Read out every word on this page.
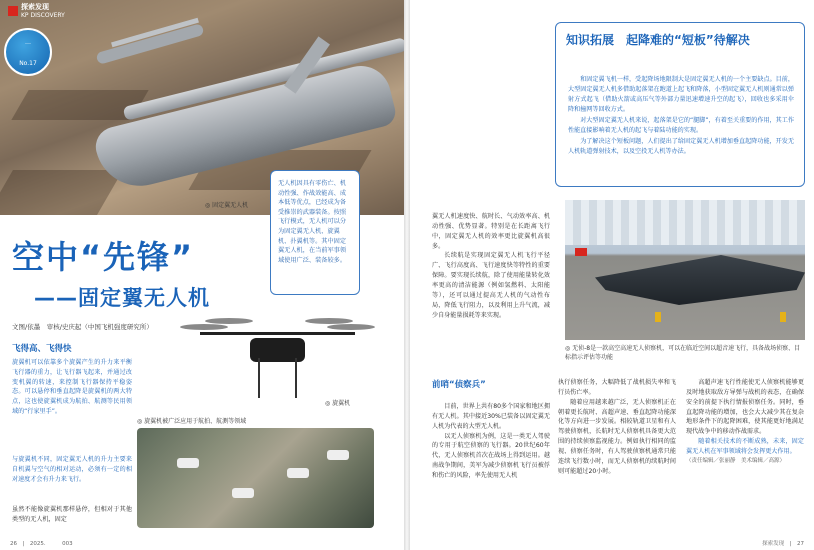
探索发现
KP DISCOVERY
…
No.17
◎ 固定翼无人机
无人机因具有零伤亡、机动性强、作战效能高、成本低等优点，已经成为备受推崇的武器装备。按照飞行模式，无人机可以分为固定翼无人机、旋翼机、扑翼机等。其中固定翼无人机，在当前军事领域使用广泛、装备较多。
空中“先锋”
——固定翼无人机
文图/依墨　审核/史庆起（中国飞机强度研究所）
飞得高、飞得快
旋翼机可以依靠多个旋翼产生的升力来平衡飞行器的重力，让飞行器飞起来，并通过改变机翼的转速，来控制飞行器保持平稳姿态。可以悬停和垂直起降是旋翼机的两大特点，这也使旋翼机成为航拍、航测等民用领域的“行家里手”。
与旋翼机不同，固定翼无人机的升力主要来自机翼与空气的相对运动，必须有一定的相对速度才会有升力来飞行。
虽然不能像旋翼机那样悬停，但相对于其他类型的无人机，固定
◎ 旋翼机
◎ 旋翼机被广泛应用于航拍、航测等领域
26　|　2025.　　　003

翼无人机速度快、航时长、气动效率高、机动性强、优势显著。特别是在长距离飞行中，固定翼无人机的效率更比旋翼机高很多。

长续航是实现固定翼无人机飞行平径广、飞行高度高、飞行速度快等特性的重要保障。要实现长续航，除了使用能量转化效率更高的清洁能源（例如氢燃料、太阳能等），还可以通过提高无人机的气动性布局，降低飞行阻力，以及利用上升气流，减少自身能量损耗等来实现。

知识拓展　起降难的“短板”待解决

和固定翼飞机一样，受起降场地限制大是固定翼无人机的一个主要缺点。目前，大型固定翼无人机多借助起落架在跑道上起飞和降落，小型固定翼无人机则通常以弹射方式起飞（借助火箭或高压气等外部力量迅速增速升空的起飞），回收也多采用伞降和撞网等回收方式。

对大型固定翼无人机来说，起落架是它的“腿脚”，有着至关重要的作用，其工作性能直接影响着无人机的起飞与着陆功能的实现。

为了解决这个短板问题，人们提出了给固定翼无人机增加垂直起降功能，开发无人机轨道弹射技术，以及空投无人机等办法。

◎ 无侦-8是一款高空高速无人侦察机，可以在临近空间以超音速飞行，具备战场侦察、目标指示评估等功能
前哨“侦察兵”

目前，世界上共有80多个国家和地区拥有无人机。其中接近30%已装备以固定翼无人机为代表的大型无人机。

以无人侦察机为例，这是一类无人驾驶的专用于航空侦察的飞行器。20世纪60年代，无人侦察机首次在战场上得到运用。越南战争期间，美军为减少侦察机飞行员被俘和伤亡的风险，率先使用无人机

执行侦察任务，大幅降低了战机损失率和飞行员伤亡率。

随着应用越来越广泛，无人侦察机正在朝着更长航时、高超声速、垂直起降功能深化等方向进一步发展。相较轨道卫星和有人驾驶侦察机，长航时无人侦察机具备更大范围的持续侦察监视能力。例如执行相同的监视、侦察任务时，有人驾驶侦察机通常只能连续飞行数小时，而无人侦察机的续航时间则可能超过20小时。

高超声速飞行性能使无人侦察机能够更及时地获取敌方导弹与战机的表态，在确保安全的前提下执行情报侦察任务。同时，垂直起降功能的增加，也会大大减少其在复杂地形条件下的起降困难，使其能更好地满足现代战争中的移动作战需求。

随着相关技术的不断成熟，未来，固定翼无人机在军事领域将会发挥更大作用。

（责任编辑／张丽静　美术编辑／高源）

探索发现　|　27
